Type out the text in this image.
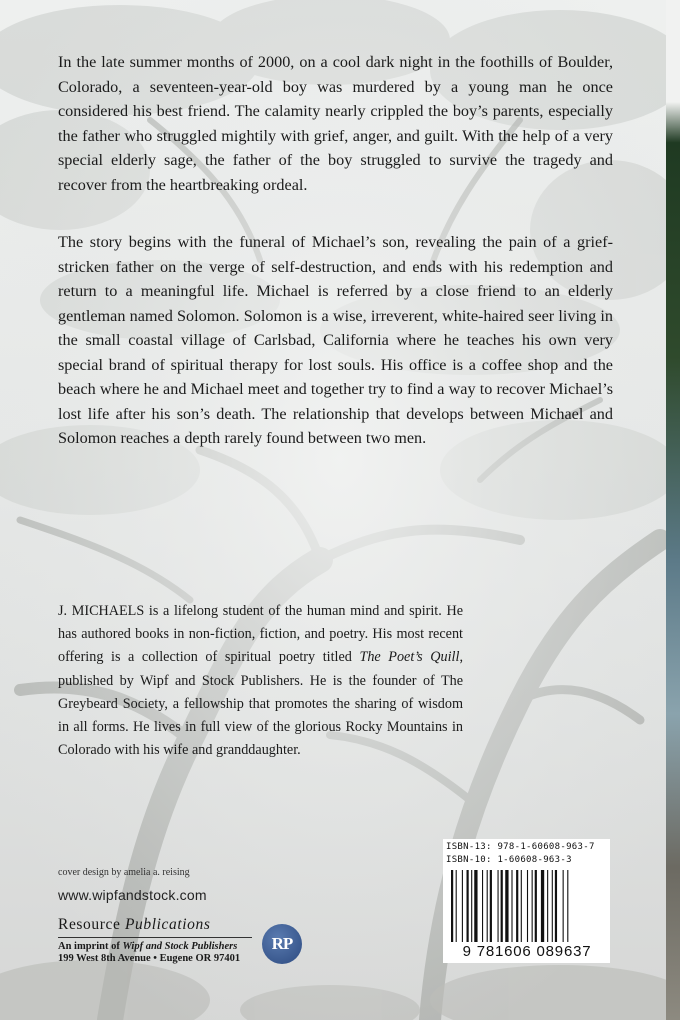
In the late summer months of 2000, on a cool dark night in the foothills of Boulder, Colorado, a seventeen-year-old boy was murdered by a young man he once considered his best friend. The calamity nearly crippled the boy’s parents, especially the father who struggled mightily with grief, anger, and guilt. With the help of a very special elderly sage, the father of the boy struggled to survive the tragedy and recover from the heartbreaking ordeal.

The story begins with the funeral of Michael’s son, revealing the pain of a grief-stricken father on the verge of self-destruction, and ends with his redemption and return to a meaningful life. Michael is referred by a close friend to an elderly gentleman named Solomon. Solomon is a wise, irreverent, white-haired seer living in the small coastal village of Carlsbad, California where he teaches his own very special brand of spiritual therapy for lost souls. His office is a coffee shop and the beach where he and Michael meet and together try to find a way to recover Michael’s lost life after his son’s death. The relationship that develops between Michael and Solomon reaches a depth rarely found between two men.

J. MICHAELS is a lifelong student of the human mind and spirit. He has authored books in non-fiction, fiction, and poetry. His most recent offering is a collection of spiritual poetry titled The Poet’s Quill, published by Wipf and Stock Publishers. He is the founder of The Greybeard Society, a fellowship that promotes the sharing of wisdom in all forms. He lives in full view of the glorious Rocky Mountains in Colorado with his wife and granddaughter.

cover design by amelia a. reising
www.wipfandstock.com
Resource Publications
An imprint of Wipf and Stock Publishers
199 West 8th Avenue • Eugene OR 97401
RP
ISBN-13: 978-1-60608-963-7
ISBN-10: 1-60608-963-3
9 781606 089637
